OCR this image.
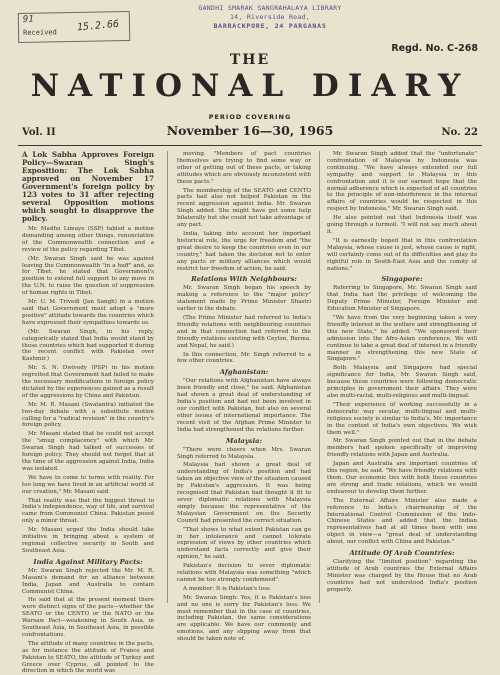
GANDHI SMARAK SANGRAHALAYA LIBRARY
14, Riverside Road,
BARRACKPORE, 24 PARGANAS
91
Received 15.2.66
Regd. No. C-268
THE
NATIONAL DIARY
Vol. II
PERIOD COVERING
November 16—30, 1965	No. 22

A Lok Sabha Approves Foreign Policy—Swaran Singh's Exposition: The Lok Sabha approved on November 17 Government's foreign policy by 123 votes to 31 after rejecting several Opposition motions which sought to disapprove the policy.

Mr. Madhu Limaye (SSP) tabled a motion demanding among other things, renunciation of the Commonwealth connection and a review of the policy regarding Tibet.

(Mr. Swaran Singh said he was against leaving the Commonwealth "in a huff" and, as for Tibet, he stated that Government's position to extend full support to any move in the U.N. to raise the question of suppression of human rights in Tibet.

Mr. U. M. Trivedi (Jan Sangh) in a motion said that Government must adopt a "more positive" attitude towards the countries which have expressed their sympathies towards us.

(Mr. Swaran Singh, in his reply, categorically stated that India would stand by those countries which had supported it during the recent conflict with Pakistan over Kashmir.)

Mr. S. N. Dwivedy (PSP) in his motion regretted that Government had failed to make the necessary modifications in foreign policy dictated by the experiences gained as a result of the aggressions by China and Pakistan.

Mr. M. R. Masani (Swatantra) initiated the two-day debate with a substitute motion calling for a "radical revision" in the country's foreign policy.

Mr. Masani stated that he could not accept the "smug complacency" with which Mr. Swaran Singh had talked of successes of foreign policy. They should not forget that at the time of the aggression against India, India was isolated.

We have to come to terms with reality. For too long we have lived in an artificial world of our creation," Mr. Masani said.

That reality was that the biggest threat to India's independence, way of life, and survival came from Communist China. Pakistan posed only a minor threat.

Mr. Masani urged the India should take initiative in bringing about a system of regional collective security in South and Southeast Asia.

India Against Military Pacts:

Mr. Swaran Singh rejected the Mr. M. R. Masani's demand for an alliance between India, Japan and Australia to contain Communist China.

He said that at the present moment there were distinct signs of the pacts—whether the SEATO or the CENTO or the NATO or the Warsaw Pact—weakening in South Asia, in Southeast Asia, in Southeast Asia, in possible confrontations.

The attitude of many countries in the pacts, as for instance the attitude of France and Pakistan to SEATO, the attitude of Turkey and Greece over Cyprus, all pointed to the direction in which the world was

moving. "Members of pact countries themselves are trying to find some way or other of getting out of these pacts, or taking attitudes which are obviously inconsistent with these pacts."

The membership of the SEATO and CENTO pacts had also not helped Pakistan in the recent aggression against India. Mr. Swaran Singh added. She might have got some help bilaterally but she could not take advantage of any pact.

India, taking into account her important historical role, the urge for freedom and "the great desire to keep the countries even in our country," had taken the decision not to enter any pacts or military alliances which would restrict her freedom of action, he said.

Relations With Neighbours:

Mr. Swaran Singh began his speech by making a reference to the "major policy" statement made by Prime Minister Shastri earlier in the debate.

(The Prime Minister had referred to India's friendly relations with neighbouring countries and in that connection had referred to the friendly relations existing with Ceylon, Burma, and Nepal, he said.)

In this connection, Mr. Singh referred to a few other countries.

Afghanistan:

"Our relations with Afghanistan have always been friendly and close," he said. Afghanistan had shown a great deal of understanding of India's position and had not been involved in our conflict with Pakistan, but also on several other issues of international importance. The recent visit of the Afghan Prime Minister to India had strengthened the relations further.

Malaysia:

"There were cheers when Mrs. Swaran Singh referred to Malaysia.

Malaysia had shown a great deal of understanding of India's position and had taken an objective view of the situation caused by Pakistan's aggression. It was being recognised that Pakistan had thought it fit to sever diplomatic relations with Malaysia simply because the representative of the Malaysian Government on the Security Council had presented the correct situation.

"That shows to what extent Pakistan can go in her intolerance and cannot tolerate expression of views by other countries which understand facts correctly and give their opinion," he said.

Pakistan's decision to sever diplomatic relations with Malaysia was something "which cannot be too strongly condemned".

A member: It is Pakistan's loss.

Mr. Swaran Singh: Yes, it is Pakistan's loss and no one is sorry for Pakistan's loss. We must remember that in the case of countries, including Pakistan, the same considerations are applicable. We have our commonly and emotions, and any slipping away from that should be taken note of.

Mr. Swaran Singh added that the "unfortunate" confrontation of Malaysia by Indonesia was continuing. "We have always extended our full sympathy and support to Malaysia in this confrontation and it is our earnest hope that the normal adherence which is expected of all countries to the principle of non-interference in the internal affairs of countries would be respected in this respect by Indonesia," Mr. Swaran Singh said.

He also pointed out that Indonesia itself was going through a turmoil. "I will not say much about it.

"It is earnestly hoped that in this confrontation Malaysia, whose cause is just, whose cause is right, will certainly come out of its difficulties and play its rightful role in South-East Asia and the comity of nations."

Singapore:

Referring to Singapore, Mr. Swaran Singh said that India had the privilege of welcoming the Deputy Prime Minister, Foreign Minister and Education Minister of Singapore.

"We have from the very beginning taken a very friendly interest in the welfare and strengthening of this new State," he added. "We sponsored their admission into the Afro-Asian conference. We will continue to take a great deal of interest in a friendly manner in strengthening this new State of Singapore."

Both Malaysia and Singapore had special significance for India, Mr. Swaran Singh said, because these countries were following democratic principles in government their affairs. They were also multi-racial, multi-religious and multi-lingual.

"Their experience of working successfully in a democratic way secular, multi-lingual and multi-religious society is similar to India's. Mr. importance in the context of India's own objectives. We wish them well."

Mr. Swaran Singh pointed out that in the debate members had spoken specifically of improving friendly relations with Japan and Australia.

Japan and Australia are important countries of this region, he said. "We have friendly relations with them. Our economic ties with both these countries are strong and trade relations, which we would endeavour to develop them further.

The External Affairs Minister also made a reference to India's chairmanship of the International Control Commission of the Indo-Chinese States and added that the Indian representatives had at all times been with one object in view—a "great deal of understanding about, our conflict with China and Pakistan."

Attitude Of Arab Countries:

Clarifying the "limited position" regarding the attitude of Arab countries the External Affairs Minister was charged by the House that no Arab countries had not understood India's position properly.
